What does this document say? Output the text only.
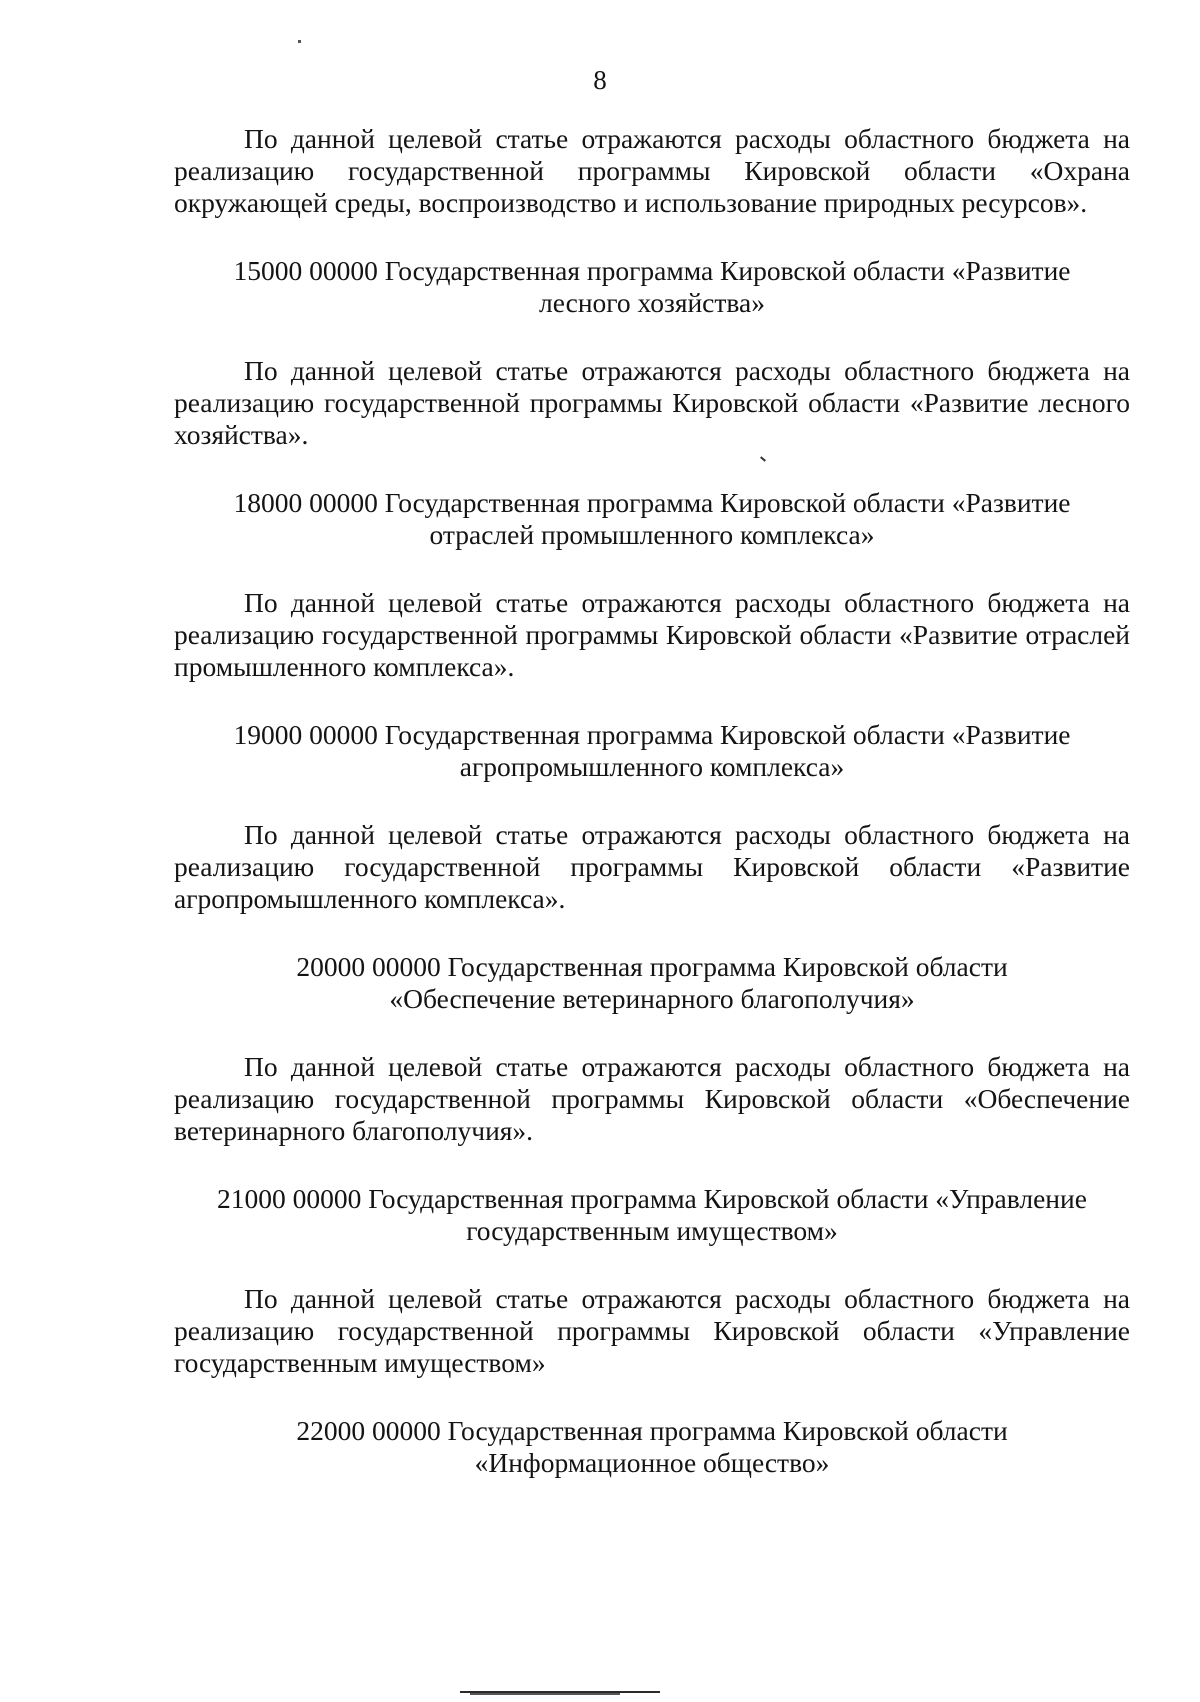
8

По данной целевой статье отражаются расходы областного бюджета на реализацию государственной программы Кировской области «Охрана окружающей среды, воспроизводство и использование природных ресурсов».

15000 00000 Государственная программа Кировской области «Развитие лесного хозяйства»

По данной целевой статье отражаются расходы областного бюджета на реализацию государственной программы Кировской области «Развитие лесного хозяйства».

18000 00000 Государственная программа Кировской области «Развитие отраслей промышленного комплекса»

По данной целевой статье отражаются расходы областного бюджета на реализацию государственной программы Кировской области «Развитие отраслей промышленного комплекса».

19000 00000 Государственная программа Кировской области «Развитие агропромышленного комплекса»

По данной целевой статье отражаются расходы областного бюджета на реализацию государственной программы Кировской области «Развитие агропромышленного комплекса».

20000 00000 Государственная программа Кировской области «Обеспечение ветеринарного благополучия»

По данной целевой статье отражаются расходы областного бюджета на реализацию государственной программы Кировской области «Обеспечение ветеринарного благополучия».

21000 00000 Государственная программа Кировской области «Управление государственным имуществом»

По данной целевой статье отражаются расходы областного бюджета на реализацию государственной программы Кировской области «Управление государственным имуществом»

22000 00000 Государственная программа Кировской области «Информационное общество»
